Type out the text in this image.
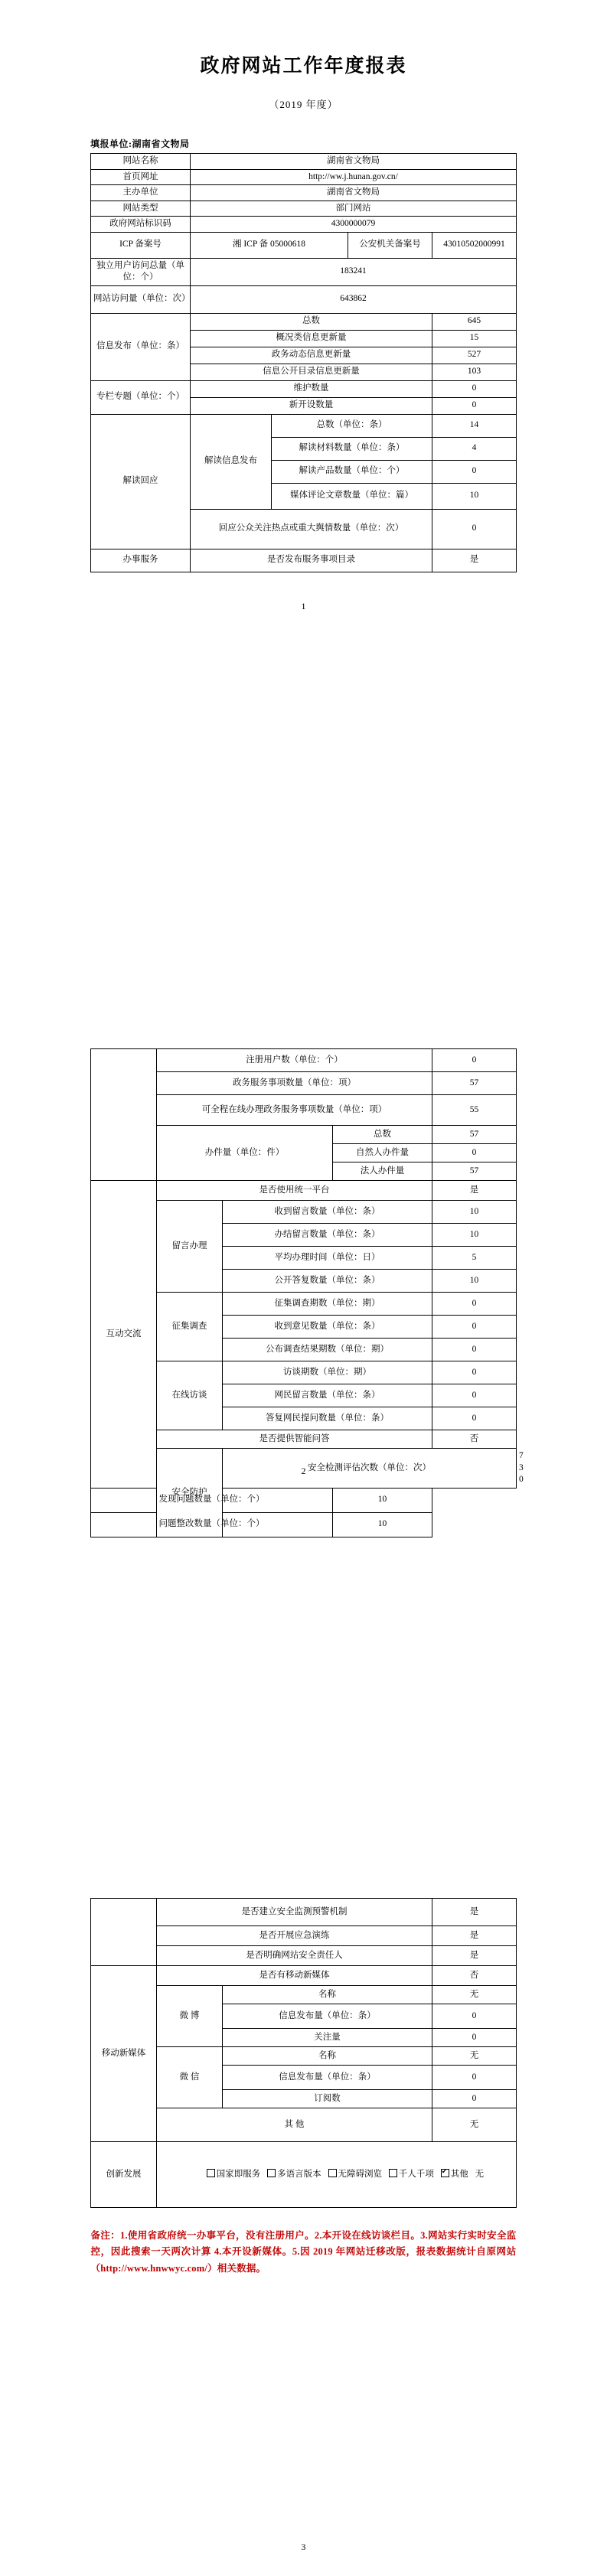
政府网站工作年度报表
（2019 年度）
填报单位:湖南省文物局
网站名称	湖南省文物局			
首页网址	http://ww.j.hunan.gov.cn/			
主办单位	湖南省文物局			
网站类型	部门网站			
政府网站标识码	4300000079			
ICP 备案号	湘 ICP 备 05000618		公安机关备案号	43010502000991
独立用户访问总量（单位：个）	183241			
网站访问量（单位：次）	643862			
信息发布（单位：条）	总数			645
	概况类信息更新量			15
	政务动态信息更新量			527
	信息公开目录信息更新量			103
专栏专题（单位：个）	维护数量			0
	新开设数量			0
解读回应	解读信息发布	总数（单位：条）		14
		解读材料数量（单位：条）		4
		解读产品数量（单位：个）		0
		媒体评论文章数量（单位：篇）		10
	回应公众关注热点或重大舆情数量（单位：次）			0
办事服务	是否发布服务事项目录			是
1
	注册用户数（单位：个）			0	
	政务服务事项数量（单位：项）			57	
	可全程在线办理政务服务事项数量（单位：项）			55	
	办件量（单位：件）		总数	57	
			自然人办件量	0	
			法人办件量	57	
互动交流	是否使用统一平台			是	
	留言办理	收到留言数量（单位：条）		10	
		办结留言数量（单位：条）		10	
		平均办理时间（单位：日）		5	
		公开答复数量（单位：条）		10	
	征集调查	征集调查期数（单位：期）		0	
		收到意见数量（单位：条）		0	
		公布调查结果期数（单位：期）		0	
	在线访谈	访谈期数（单位：期）		0	
		网民留言数量（单位：条）		0	
		答复网民提问数量（单位：条）		0	
	是否提供智能问答			否	
	安全防护	安全检测评估次数（单位：次）			730
发现问题数量（单位：个）			10		
问题整改数量（单位：个）			10		
2
	是否建立安全监测预警机制		是
	是否开展应急演练		是
	是否明确网站安全责任人		是
移动新媒体	是否有移动新媒体		否
	微 博	名称	无
		信息发布量（单位：条）	0
		关注量	0
	微 信	名称	无
		信息发布量（单位：条）	0
		订阅数	0
	其 他		无
创新发展	国家即服务 多语言版本 无障碍浏览 千人千项 ✔ 其他 无
备注：1.使用省政府统一办事平台，没有注册用户。2.本开设在线访谈栏目。3.网站实行实时安全监控，因此搜索一天两次计算 4.本开设新媒体。5.因 2019 年网站迁移改版，报表数据统计自原网站（http://www.hnwwyc.com/）相关数据。
3
